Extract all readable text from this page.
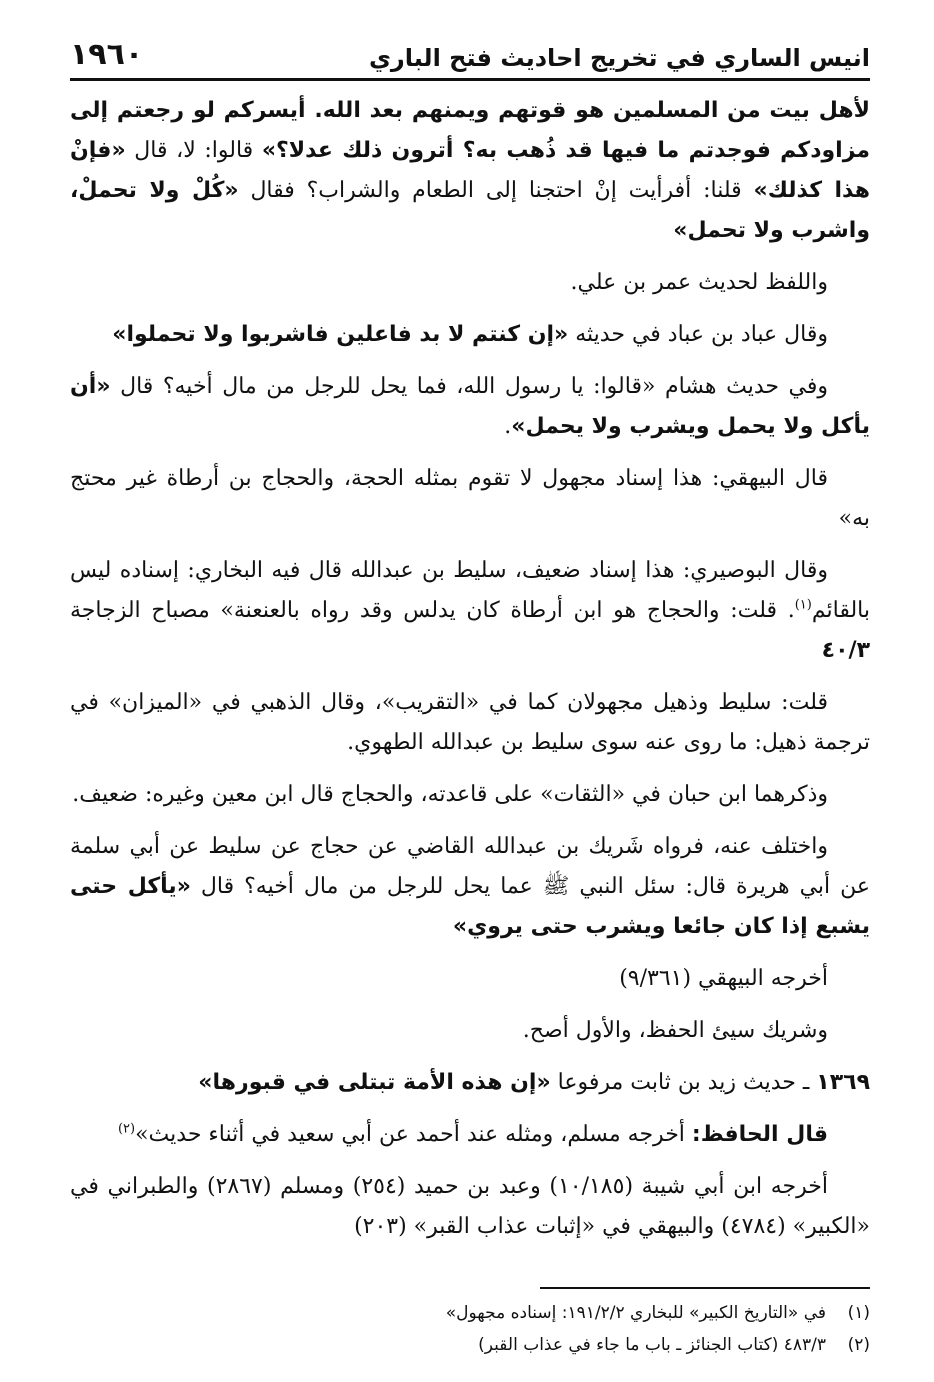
انيس الساري في تخريج احاديث فتح الباري
١٩٦٠

لأهل بيت من المسلمين هو قوتهم ويمنهم بعد الله. أيسركم لو رجعتم إلى مزاودكم فوجدتم ما فيها قد ذُهب به؟ أترون ذلك عدلا؟» قالوا: لا، قال «فإنْ هذا كذلك» قلنا: أفرأيت إنْ احتجنا إلى الطعام والشراب؟ فقال «كُلْ ولا تحملْ، واشرب ولا تحمل»

واللفظ لحديث عمر بن علي.

وقال عباد بن عباد في حديثه «إن كنتم لا بد فاعلين فاشربوا ولا تحملوا»

وفي حديث هشام «قالوا: يا رسول الله، فما يحل للرجل من مال أخيه؟ قال «أن يأكل ولا يحمل ويشرب ولا يحمل».

قال البيهقي: هذا إسناد مجهول لا تقوم بمثله الحجة، والحجاج بن أرطاة غير محتج به»

وقال البوصيري: هذا إسناد ضعيف، سليط بن عبدالله قال فيه البخاري: إسناده ليس بالقائم$^{(١)}$. قلت: والحجاج هو ابن أرطاة كان يدلس وقد رواه بالعنعنة» مصباح الزجاجة ٤٠/٣

قلت: سليط وذهيل مجهولان كما في «التقريب»، وقال الذهبي في «الميزان» في ترجمة ذهيل: ما روى عنه سوى سليط بن عبدالله الطهوي.

وذكرهما ابن حبان في «الثقات» على قاعدته، والحجاج قال ابن معين وغيره: ضعيف.

واختلف عنه، فرواه شَريك بن عبدالله القاضي عن حجاج عن سليط عن أبي سلمة عن أبي هريرة قال: سئل النبي ﷺ عما يحل للرجل من مال أخيه؟ قال «يأكل حتى يشبع إذا كان جائعا ويشرب حتى يروي»

أخرجه البيهقي (٩/٣٦١)

وشريك سيئ الحفظ، والأول أصح.

١٣٦٩ ـ حديث زيد بن ثابت مرفوعا «إن هذه الأمة تبتلى في قبورها»

قال الحافظ: أخرجه مسلم، ومثله عند أحمد عن أبي سعيد في أثناء حديث»$^{(٢)}$

أخرجه ابن أبي شيبة (١٠/١٨٥) وعبد بن حميد (٢٥٤) ومسلم (٢٨٦٧) والطبراني في «الكبير» (٤٧٨٤) والبيهقي في «إثبات عذاب القبر» (٢٠٣)

(١)في «التاريخ الكبير» للبخاري ١٩١/٢/٢: إسناده مجهول»
(٢)٤٨٣/٣ (كتاب الجنائز ـ باب ما جاء في عذاب القبر)
